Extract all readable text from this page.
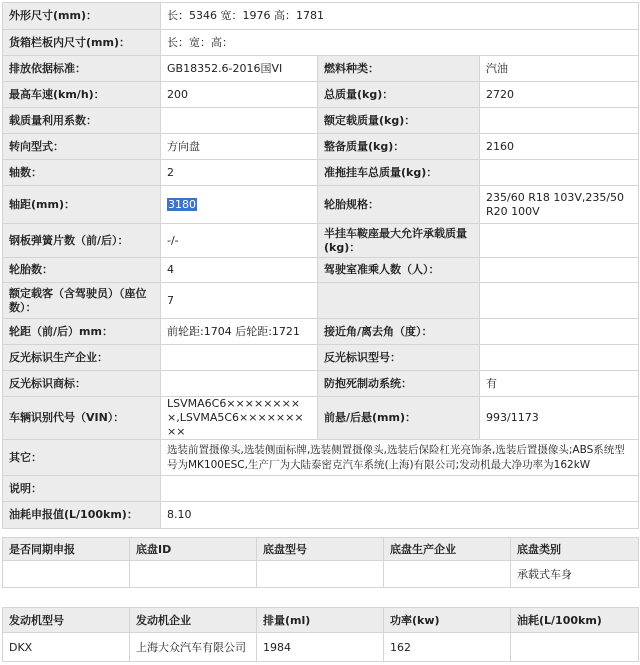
外形尺寸(mm)：	长：5346 宽：1976 高：1781		
货箱栏板内尺寸(mm)：	长：宽：高：		
排放依据标准：	GB18352.6-2016国VI	燃料种类：	汽油
最高车速(km/h)：	200	总质量(kg)：	2720
载质量利用系数：		额定载质量(kg)：	
转向型式：	方向盘	整备质量(kg)：	2160
轴数：	2	准拖挂车总质量(kg)：	
轴距(mm)：	3180	轮胎规格：	235/60 R18 103V,235/50 R20 100V
钢板弹簧片数（前/后）：	-/-	半挂车鞍座最大允许承载质量(kg)：	
轮胎数：	4	驾驶室准乘人数（人）：	
额定载客（含驾驶员）（座位数）：	7		
轮距（前/后）mm：	前轮距:1704 后轮距:1721	接近角/离去角（度）：	
反光标识生产企业：		反光标识型号：	
反光标识商标：		防抱死制动系统：	有
车辆识别代号（VIN）：	LSVMA6C6×××××××××,LSVMA5C6×××××××××	前悬/后悬(mm)：	993/1173
其它：	选装前置摄像头,选装侧面标牌,选装侧置摄像头,选装后保险杠光亮饰条,选装后置摄像头;ABS系统型号为MK100ESC,生产厂为大陆泰密克汽车系统(上海)有限公司;发动机最大净功率为162kW		
说明：			
油耗申报值(L/100km)：	8.10		
是否同期申报	底盘ID	底盘型号	底盘生产企业	底盘类别
				承载式车身
发动机型号	发动机企业	排量(ml)	功率(kw)	油耗(L/100km)
DKX	上海大众汽车有限公司	1984	162	
